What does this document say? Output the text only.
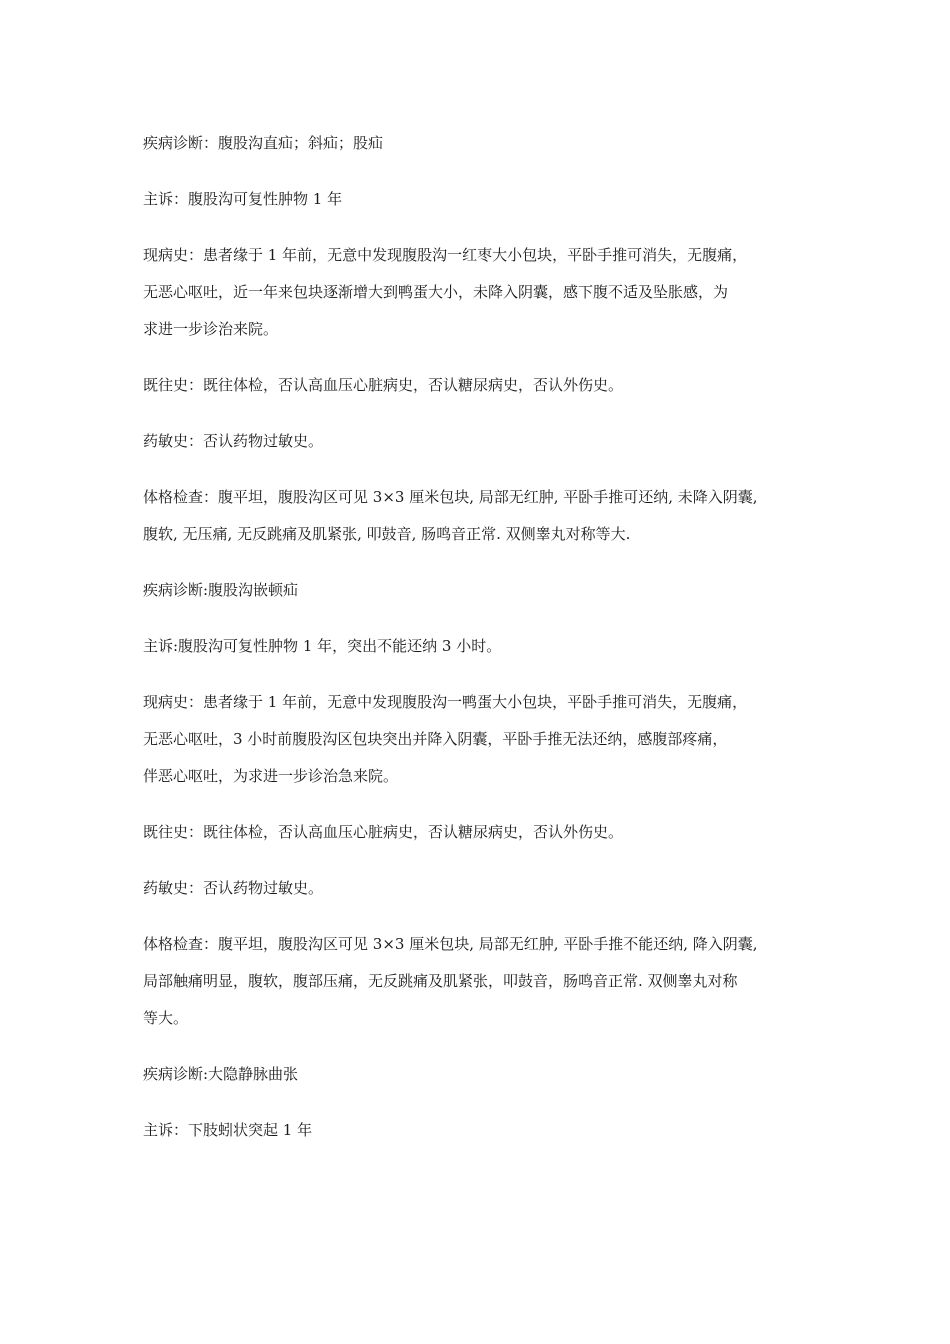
疾病诊断：腹股沟直疝；斜疝；股疝

主诉：腹股沟可复性肿物 1 年

现病史：患者缘于 1 年前，无意中发现腹股沟一红枣大小包块，平卧手推可消失，无腹痛，
无恶心呕吐，近一年来包块逐渐增大到鸭蛋大小，未降入阴囊，感下腹不适及坠胀感，为
求进一步诊治来院。

既往史：既往体检，否认高血压心脏病史，否认糖尿病史，否认外伤史。

药敏史：否认药物过敏史。

体格检查：腹平坦，腹股沟区可见 3×3 厘米包块, 局部无红肿, 平卧手推可还纳, 未降入阴囊,
腹软, 无压痛, 无反跳痛及肌紧张, 叩鼓音, 肠鸣音正常. 双侧睾丸对称等大.

疾病诊断:腹股沟嵌顿疝

主诉:腹股沟可复性肿物 1 年，突出不能还纳 3 小时。

现病史：患者缘于 1 年前，无意中发现腹股沟一鸭蛋大小包块，平卧手推可消失，无腹痛，
无恶心呕吐，3 小时前腹股沟区包块突出并降入阴囊，平卧手推无法还纳，感腹部疼痛，
伴恶心呕吐，为求进一步诊治急来院。

既往史：既往体检，否认高血压心脏病史，否认糖尿病史，否认外伤史。

药敏史：否认药物过敏史。

体格检查：腹平坦，腹股沟区可见 3×3 厘米包块, 局部无红肿, 平卧手推不能还纳, 降入阴囊,
局部触痛明显，腹软，腹部压痛，无反跳痛及肌紧张，叩鼓音，肠鸣音正常. 双侧睾丸对称
等大。

疾病诊断:大隐静脉曲张

主诉：下肢蚓状突起 1 年
